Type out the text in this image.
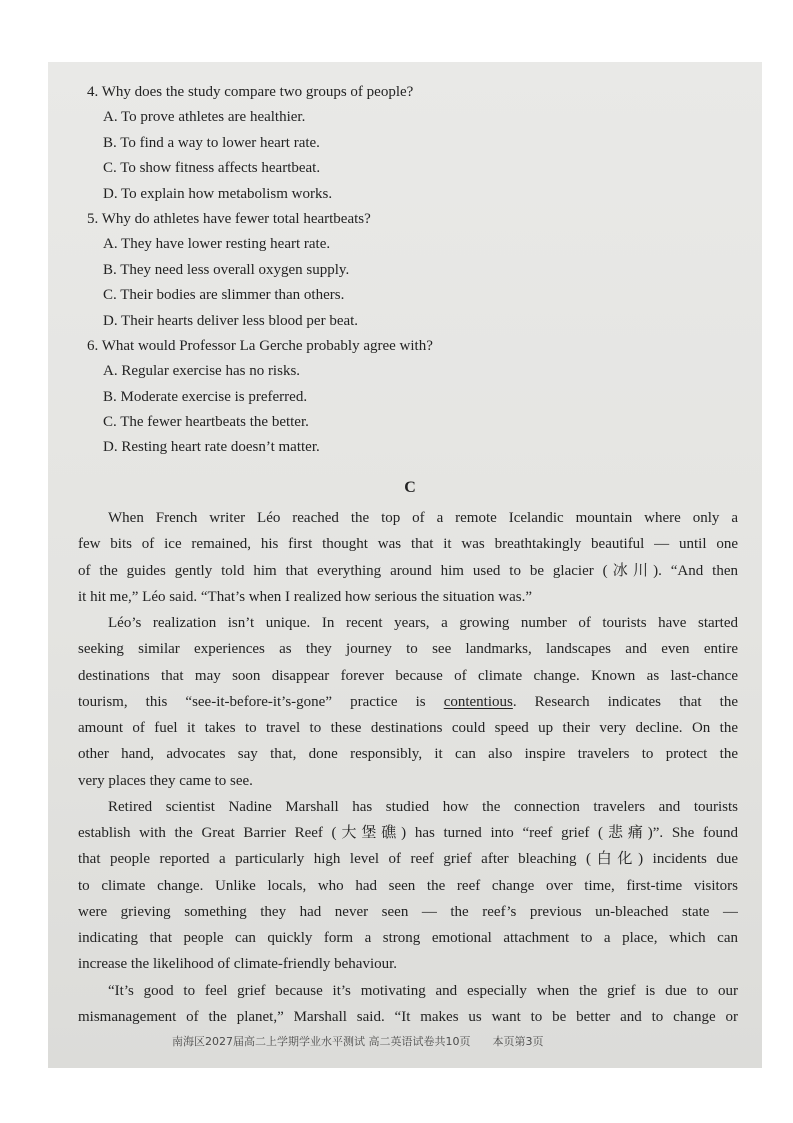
4. Why does the study compare two groups of people?
A. To prove athletes are healthier.
B. To find a way to lower heart rate.
C. To show fitness affects heartbeat.
D. To explain how metabolism works.
5. Why do athletes have fewer total heartbeats?
A. They have lower resting heart rate.
B. They need less overall oxygen supply.
C. Their bodies are slimmer than others.
D. Their hearts deliver less blood per beat.
6. What would Professor La Gerche probably agree with?
A. Regular exercise has no risks.
B. Moderate exercise is preferred.
C. The fewer heartbeats the better.
D. Resting heart rate doesn’t matter.
C
When French writer Léo reached the top of a remote Icelandic mountain where only a
few bits of ice remained, his first thought was that it was breathtakingly beautiful — until one
of the guides gently told him that everything around him used to be glacier (冰川). “And then
it hit me,” Léo said. “That’s when I realized how serious the situation was.”
Léo’s realization isn’t unique. In recent years, a growing number of tourists have started
seeking similar experiences as they journey to see landmarks, landscapes and even entire
destinations that may soon disappear forever because of climate change. Known as last-chance
tourism, this “see-it-before-it’s-gone” practice is contentious. Research indicates that the
amount of fuel it takes to travel to these destinations could speed up their very decline. On the
other hand, advocates say that, done responsibly, it can also inspire travelers to protect the
very places they came to see.
Retired scientist Nadine Marshall has studied how the connection travelers and tourists
establish with the Great Barrier Reef (大堡礁) has turned into “reef grief (悲痛)”. She found
that people reported a particularly high level of reef grief after bleaching (白化) incidents due
to climate change. Unlike locals, who had seen the reef change over time, first-time visitors
were grieving something they had never seen — the reef’s previous un-bleached state —
indicating that people can quickly form a strong emotional attachment to a place, which can
increase the likelihood of climate-friendly behaviour.
“It’s good to feel grief because it’s motivating and especially when the grief is due to our
mismanagement of the planet,” Marshall said. “It makes us want to be better and to change or
南海区2027届高二上学期学业水平测试 高二英语试卷共10页 本页第3页
